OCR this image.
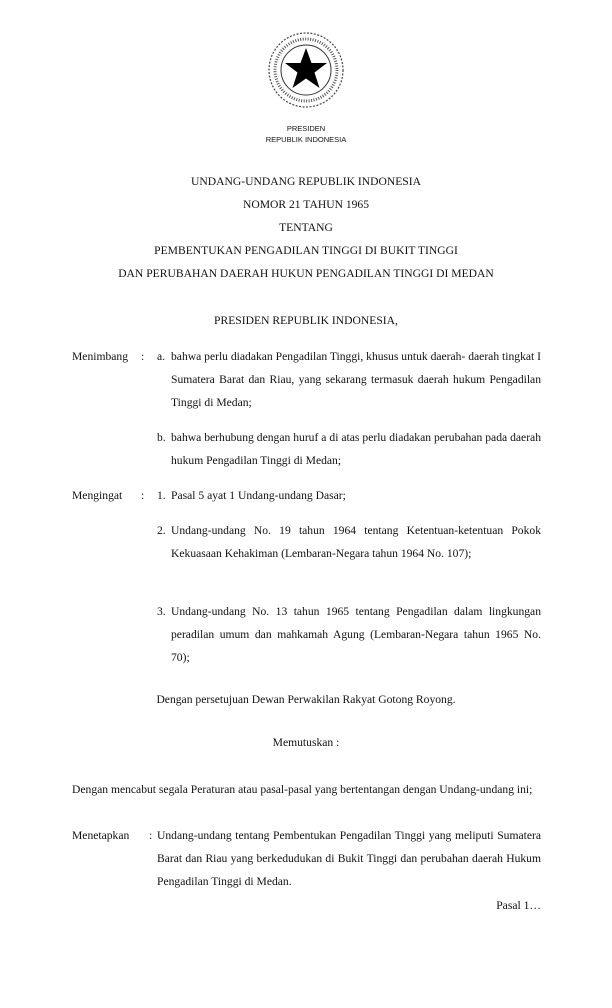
PRESIDEN
REPUBLIK INDONESIA
UNDANG-UNDANG REPUBLIK INDONESIA
NOMOR 21 TAHUN 1965
TENTANG
PEMBENTUKAN PENGADILAN TINGGI DI BUKIT TINGGI
DAN PERUBAHAN DAERAH HUKUN PENGADILAN TINGGI DI MEDAN
PRESIDEN REPUBLIK INDONESIA,
Menimbang : a. bahwa perlu diadakan Pengadilan Tinggi, khusus untuk daerah- daerah tingkat I Sumatera Barat dan Riau, yang sekarang termasuk daerah hukum Pengadilan Tinggi di Medan;
b. bahwa berhubung dengan huruf a di atas perlu diadakan perubahan pada daerah hukum Pengadilan Tinggi di Medan;
Mengingat : 1. Pasal 5 ayat 1 Undang-undang Dasar;
2. Undang-undang No. 19 tahun 1964 tentang Ketentuan-ketentuan Pokok Kekuasaan Kehakiman (Lembaran-Negara tahun 1964 No. 107);
3. Undang-undang No. 13 tahun 1965 tentang Pengadilan dalam lingkungan peradilan umum dan mahkamah Agung (Lembaran-Negara tahun 1965 No. 70);
Dengan persetujuan Dewan Perwakilan Rakyat Gotong Royong.
Memutuskan :
Dengan mencabut segala Peraturan atau pasal-pasal yang bertentangan dengan Undang-undang ini;
Menetapkan : Undang-undang tentang Pembentukan Pengadilan Tinggi yang meliputi Sumatera Barat dan Riau yang berkedudukan di Bukit Tinggi dan perubahan daerah Hukum Pengadilan Tinggi di Medan.
Pasal 1…
